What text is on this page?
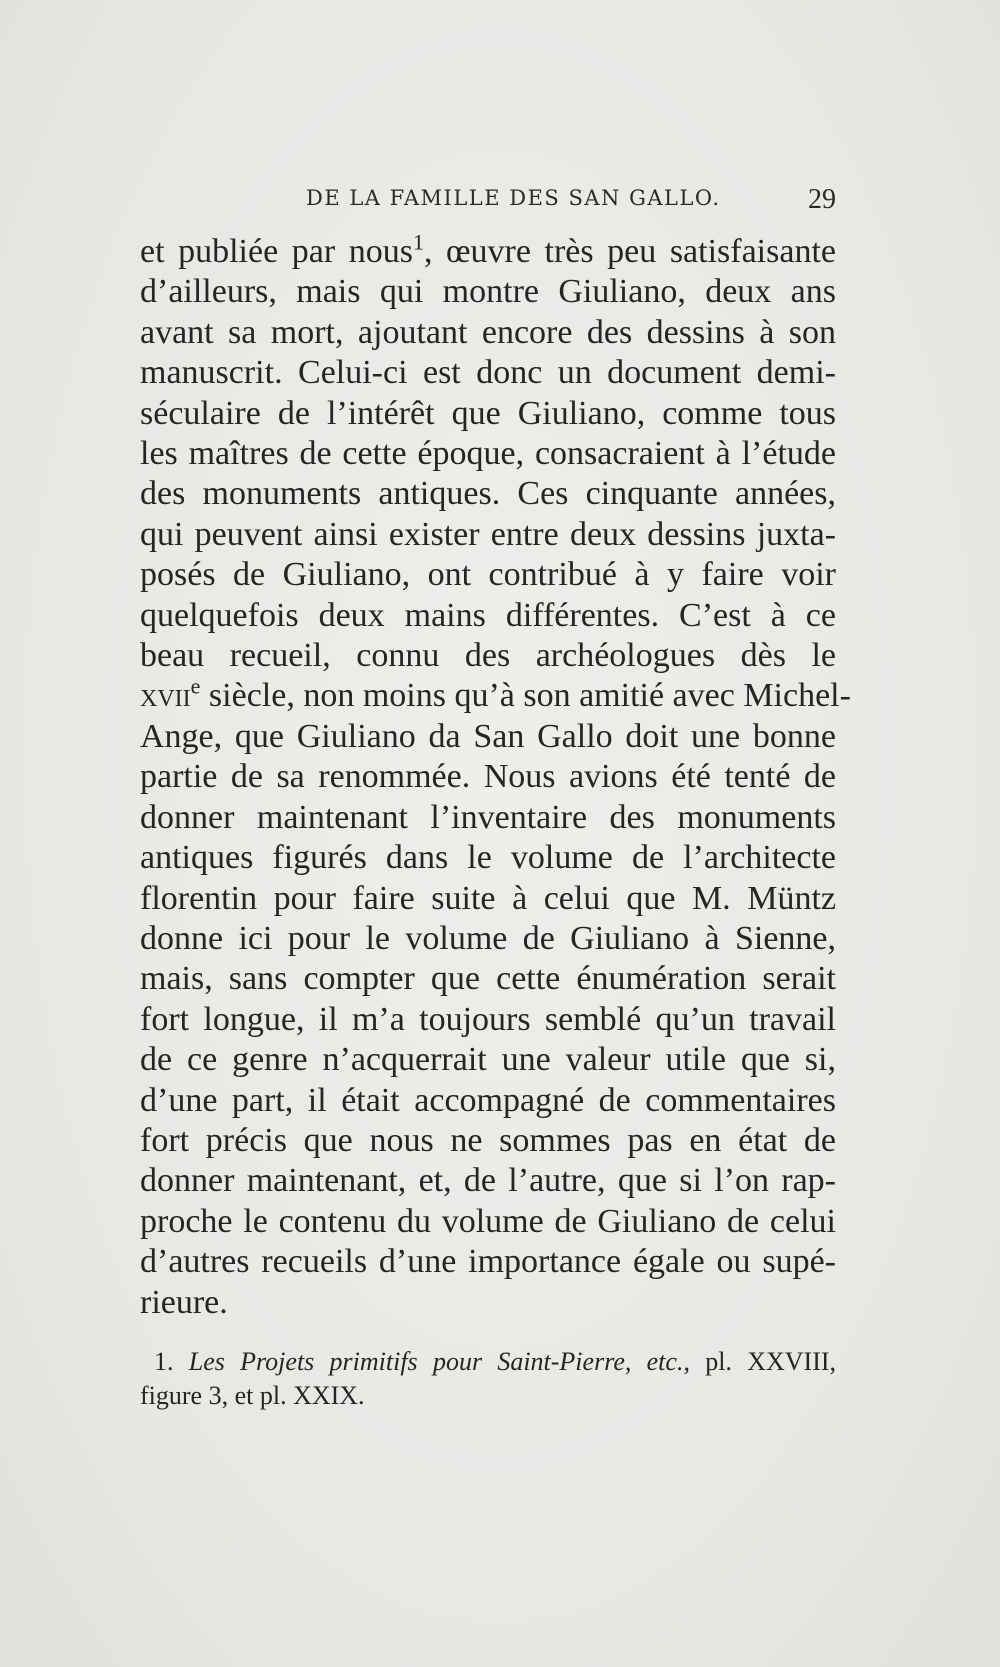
DE LA FAMILLE DES SAN GALLO.	29
et publiée par nous$^1$, œuvre très peu satisfaisante
d’ailleurs, mais qui montre Giuliano, deux ans
avant sa mort, ajoutant encore des dessins à son
manuscrit. Celui-ci est donc un document demi-
séculaire de l’intérêt que Giuliano, comme tous
les maîtres de cette époque, consacraient à l’étude
des monuments antiques. Ces cinquante années,
qui peuvent ainsi exister entre deux dessins juxta-
posés de Giuliano, ont contribué à y faire voir
quelquefois deux mains différentes. C’est à ce
beau recueil, connu des archéologues dès le
xvii$^e$ siècle, non moins qu’à son amitié avec Michel-
Ange, que Giuliano da San Gallo doit une bonne
partie de sa renommée. Nous avions été tenté de
donner maintenant l’inventaire des monuments
antiques figurés dans le volume de l’architecte
florentin pour faire suite à celui que M. Müntz
donne ici pour le volume de Giuliano à Sienne,
mais, sans compter que cette énumération serait
fort longue, il m’a toujours semblé qu’un travail
de ce genre n’acquerrait une valeur utile que si,
d’une part, il était accompagné de commentaires
fort précis que nous ne sommes pas en état de
donner maintenant, et, de l’autre, que si l’on rap-
proche le contenu du volume de Giuliano de celui
d’autres recueils d’une importance égale ou supé-
rieure.
1. Les Projets primitifs pour Saint-Pierre, etc., pl. XXVIII,
figure 3, et pl. XXIX.
